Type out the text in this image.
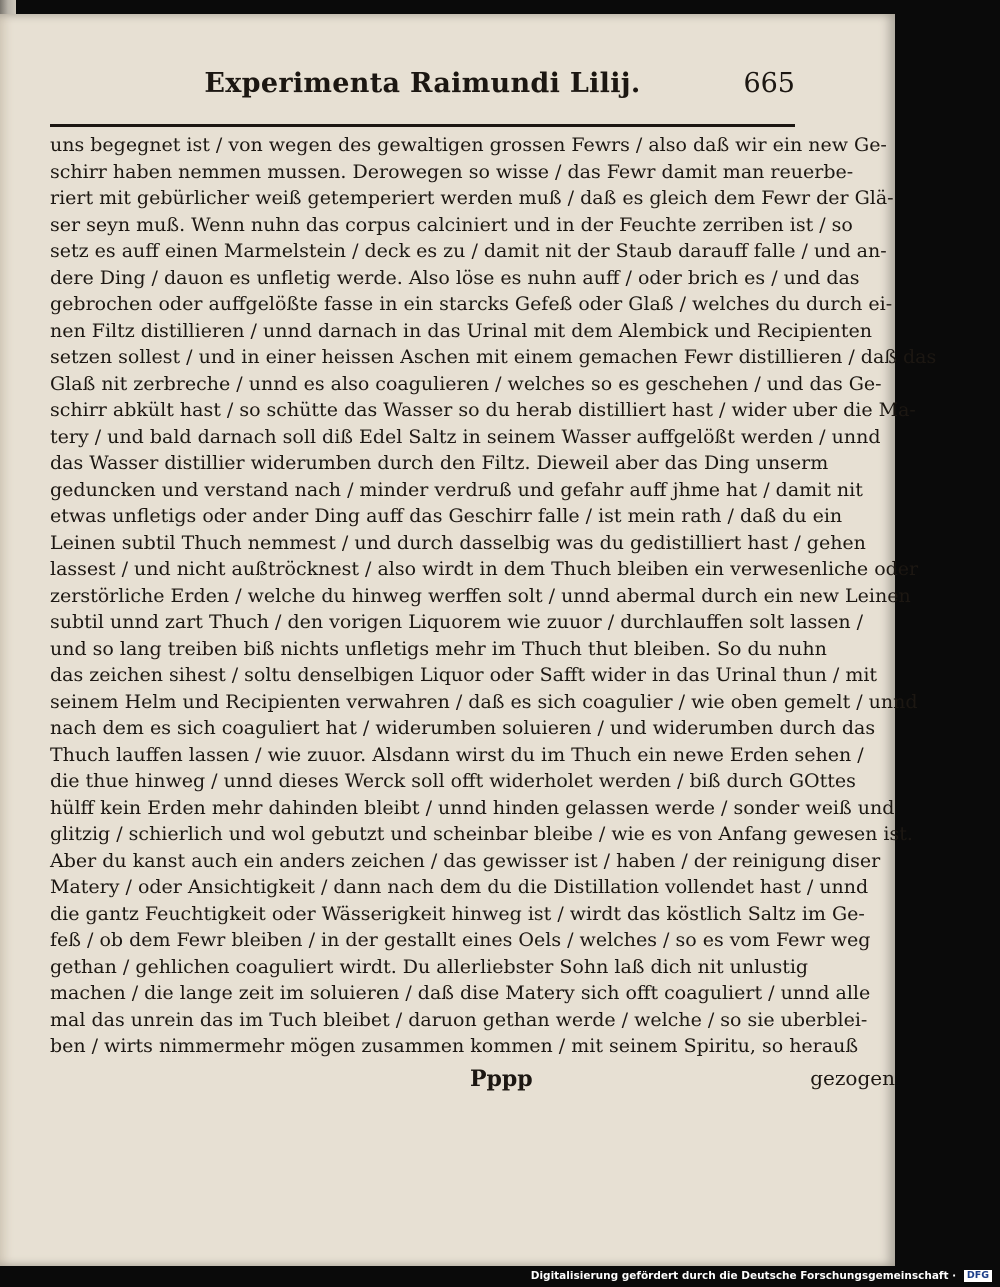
Experimenta Raimundi Lilij.	665
uns begegnet ist / von wegen des gewaltigen grossen Fewrs / also daß wir ein new Ge-
schirr haben nemmen mussen. Derowegen so wisse / das Fewr damit man reuerbe-
riert mit gebürlicher weiß getemperiert werden muß / daß es gleich dem Fewr der Glä-
ser seyn muß. Wenn nuhn das corpus calciniert und in der Feuchte zerriben ist / so
setz es auff einen Marmelstein / deck es zu / damit nit der Staub darauff falle / und an-
dere Ding / dauon es unfletig werde. Also löse es nuhn auff / oder brich es / und das
gebrochen oder auffgelößte fasse in ein starcks Gefeß oder Glaß / welches du durch ei-
nen Filtz distillieren / unnd darnach in das Urinal mit dem Alembick und Recipienten
setzen sollest / und in einer heissen Aschen mit einem gemachen Fewr distillieren / daß das
Glaß nit zerbreche / unnd es also coagulieren / welches so es geschehen / und das Ge-
schirr abkült hast / so schütte das Wasser so du herab distilliert hast / wider uber die Ma-
tery / und bald darnach soll diß Edel Saltz in seinem Wasser auffgelößt werden / unnd
das Wasser distillier widerumben durch den Filtz. Dieweil aber das Ding unserm
geduncken und verstand nach / minder verdruß und gefahr auff jhme hat / damit nit
etwas unfletigs oder ander Ding auff das Geschirr falle / ist mein rath / daß du ein
Leinen subtil Thuch nemmest / und durch dasselbig was du gedistilliert hast / gehen
lassest / und nicht außtröcknest / also wirdt in dem Thuch bleiben ein verwesenliche oder
zerstörliche Erden / welche du hinweg werffen solt / unnd abermal durch ein new Leinen
subtil unnd zart Thuch / den vorigen Liquorem wie zuuor / durchlauffen solt lassen /
und so lang treiben biß nichts unfletigs mehr im Thuch thut bleiben. So du nuhn
das zeichen sihest / soltu denselbigen Liquor oder Safft wider in das Urinal thun / mit
seinem Helm und Recipienten verwahren / daß es sich coagulier / wie oben gemelt / unnd
nach dem es sich coaguliert hat / widerumben soluieren / und widerumben durch das
Thuch lauffen lassen / wie zuuor. Alsdann wirst du im Thuch ein newe Erden sehen /
die thue hinweg / unnd dieses Werck soll offt widerholet werden / biß durch GOttes
hülff kein Erden mehr dahinden bleibt / unnd hinden gelassen werde / sonder weiß und
glitzig / schierlich und wol gebutzt und scheinbar bleibe / wie es von Anfang gewesen ist.
Aber du kanst auch ein anders zeichen / das gewisser ist / haben / der reinigung diser
Matery / oder Ansichtigkeit / dann nach dem du die Distillation vollendet hast / unnd
die gantz Feuchtigkeit oder Wässerigkeit hinweg ist / wirdt das köstlich Saltz im Ge-
feß / ob dem Fewr bleiben / in der gestallt eines Oels / welches / so es vom Fewr weg
gethan / gehlichen coaguliert wirdt. Du allerliebster Sohn laß dich nit unlustig
machen / die lange zeit im soluieren / daß dise Matery sich offt coaguliert / unnd alle
mal das unrein das im Tuch bleibet / daruon gethan werde / welche / so sie uberblei-
ben / wirts nimmermehr mögen zusammen kommen / mit seinem Spiritu, so herauß
Pppp	gezogen
Digitalisierung gefördert durch die Deutsche Forschungsgemeinschaft · DFG
